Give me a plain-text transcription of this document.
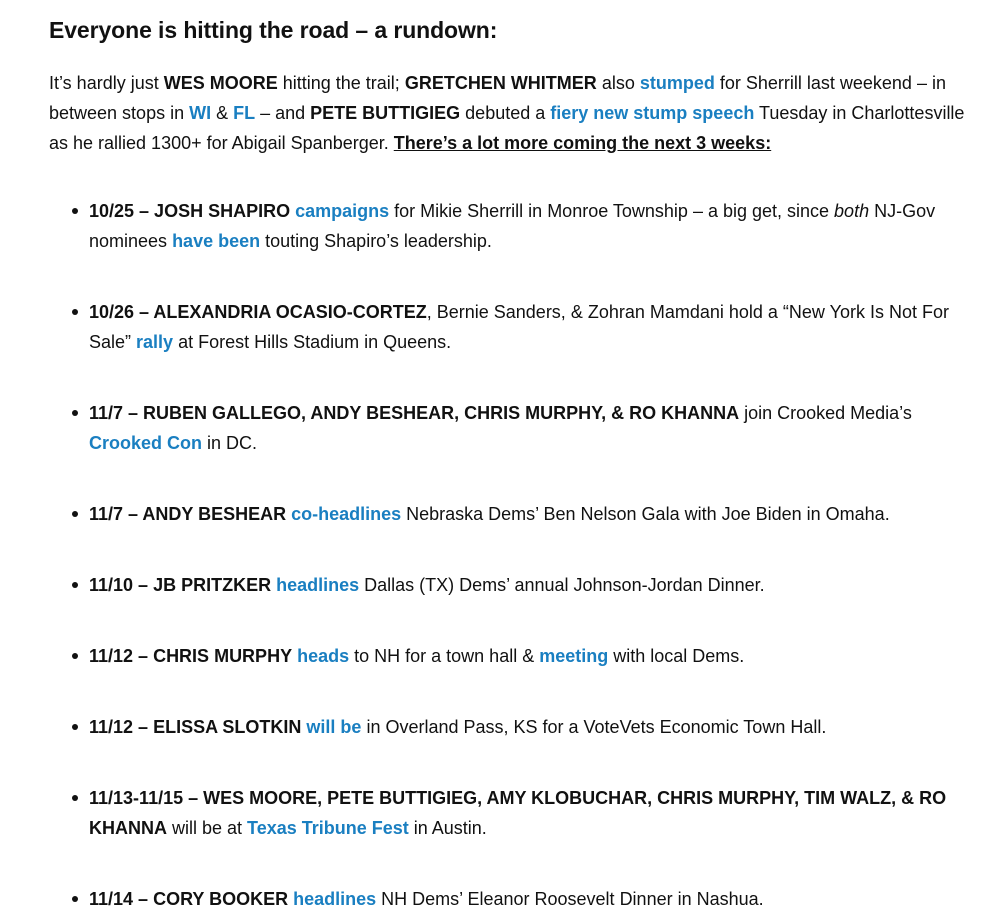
Everyone is hitting the road – a rundown:

It’s hardly just WES MOORE hitting the trail; GRETCHEN WHITMER also stumped for Sherrill last weekend – in between stops in WI & FL – and PETE BUTTIGIEG debuted a fiery new stump speech Tuesday in Charlottesville as he rallied 1300+ for Abigail Spanberger. There’s a lot more coming the next 3 weeks:

10/25 – JOSH SHAPIRO campaigns for Mikie Sherrill in Monroe Township – a big get, since both NJ-Gov nominees have been touting Shapiro’s leadership.
10/26 – ALEXANDRIA OCASIO-CORTEZ, Bernie Sanders, & Zohran Mamdani hold a “New York Is Not For Sale” rally at Forest Hills Stadium in Queens.
11/7 – RUBEN GALLEGO, ANDY BESHEAR, CHRIS MURPHY, & RO KHANNA join Crooked Media’s Crooked Con in DC.
11/7 – ANDY BESHEAR co-headlines Nebraska Dems’ Ben Nelson Gala with Joe Biden in Omaha.
11/10 – JB PRITZKER headlines Dallas (TX) Dems’ annual Johnson-Jordan Dinner.
11/12 – CHRIS MURPHY heads to NH for a town hall & meeting with local Dems.
11/12 – ELISSA SLOTKIN will be in Overland Pass, KS for a VoteVets Economic Town Hall.
11/13-11/15 – WES MOORE, PETE BUTTIGIEG, AMY KLOBUCHAR, CHRIS MURPHY, TIM WALZ, & RO KHANNA will be at Texas Tribune Fest in Austin.
11/14 – CORY BOOKER headlines NH Dems’ Eleanor Roosevelt Dinner in Nashua.
